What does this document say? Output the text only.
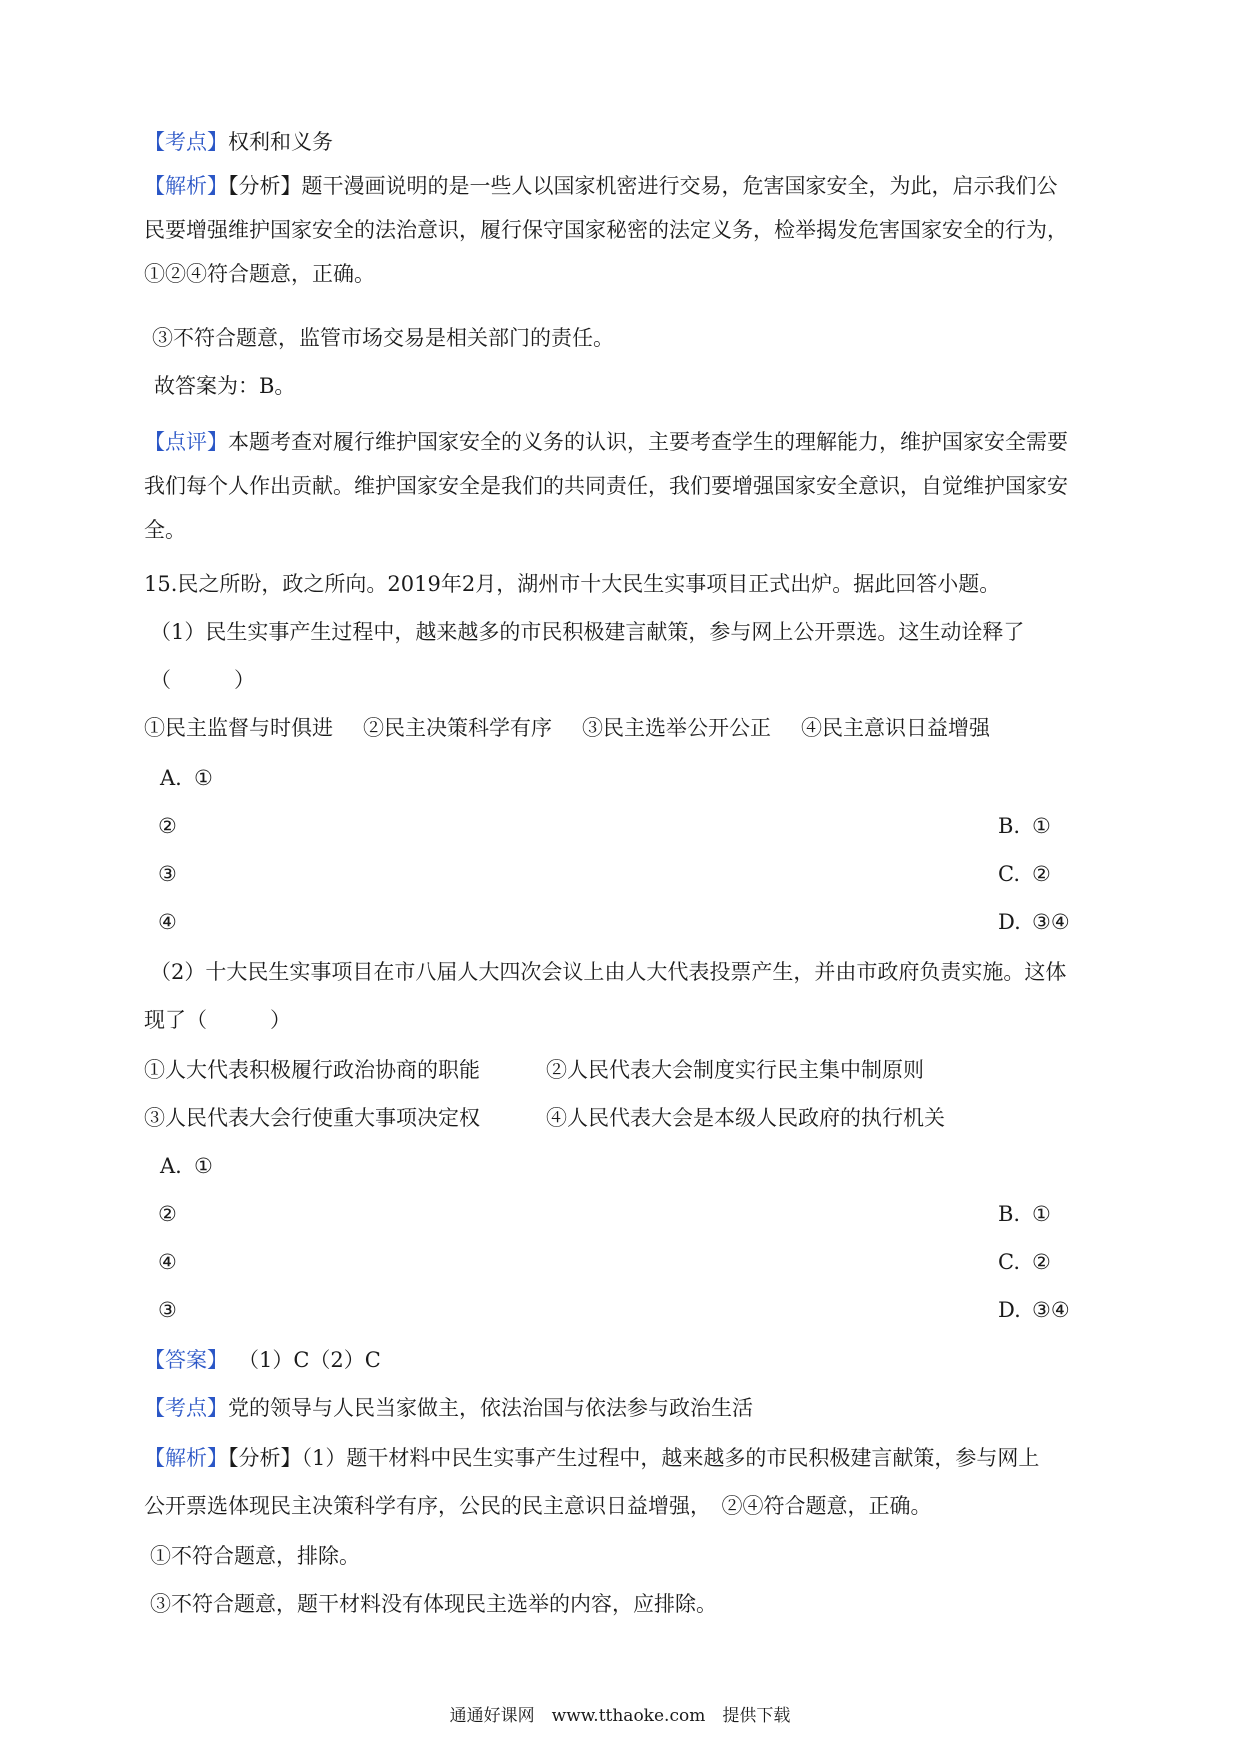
【考点】权利和义务
【解析】【分析】题干漫画说明的是一些人以国家机密进行交易，危害国家安全，为此，启示我们公
民要增强维护国家安全的法治意识，履行保守国家秘密的法定义务，检举揭发危害国家安全的行为，
①②④符合题意，正确。
③不符合题意，监管市场交易是相关部门的责任。
故答案为：B。
【点评】本题考查对履行维护国家安全的义务的认识，主要考查学生的理解能力，维护国家安全需要
我们每个人作出贡献。维护国家安全是我们的共同责任，我们要增强国家安全意识，自觉维护国家安
全。
15.民之所盼，政之所向。2019年2月，湖州市十大民生实事项目正式出炉。据此回答小题。
（1）民生实事产生过程中，越来越多的市民积极建言献策，参与网上公开票选。这生动诠释了
（　　　）
①民主监督与时俱进 ②民主决策科学有序 ③民主选举公开公正 ④民主意识日益增强
A. ①
②	B. ①
③	C. ②
④	D. ③④
（2）十大民生实事项目在市八届人大四次会议上由人大代表投票产生，并由市政府负责实施。这体
现了（　　　）
①人大代表积极履行政治协商的职能	②人民代表大会制度实行民主集中制原则
③人民代表大会行使重大事项决定权	④人民代表大会是本级人民政府的执行机关
A. ①
②	B. ①
④	C. ②
③	D. ③④
【答案】 （1）C（2）C
【考点】党的领导与人民当家做主，依法治国与依法参与政治生活
【解析】【分析】（1）题干材料中民生实事产生过程中，越来越多的市民积极建言献策，参与网上
公开票选体现民主决策科学有序，公民的民主意识日益增强，　②④符合题意，正确。
①不符合题意，排除。
③不符合题意，题干材料没有体现民主选举的内容，应排除。
通通好课网　www.tthaoke.com　提供下载
